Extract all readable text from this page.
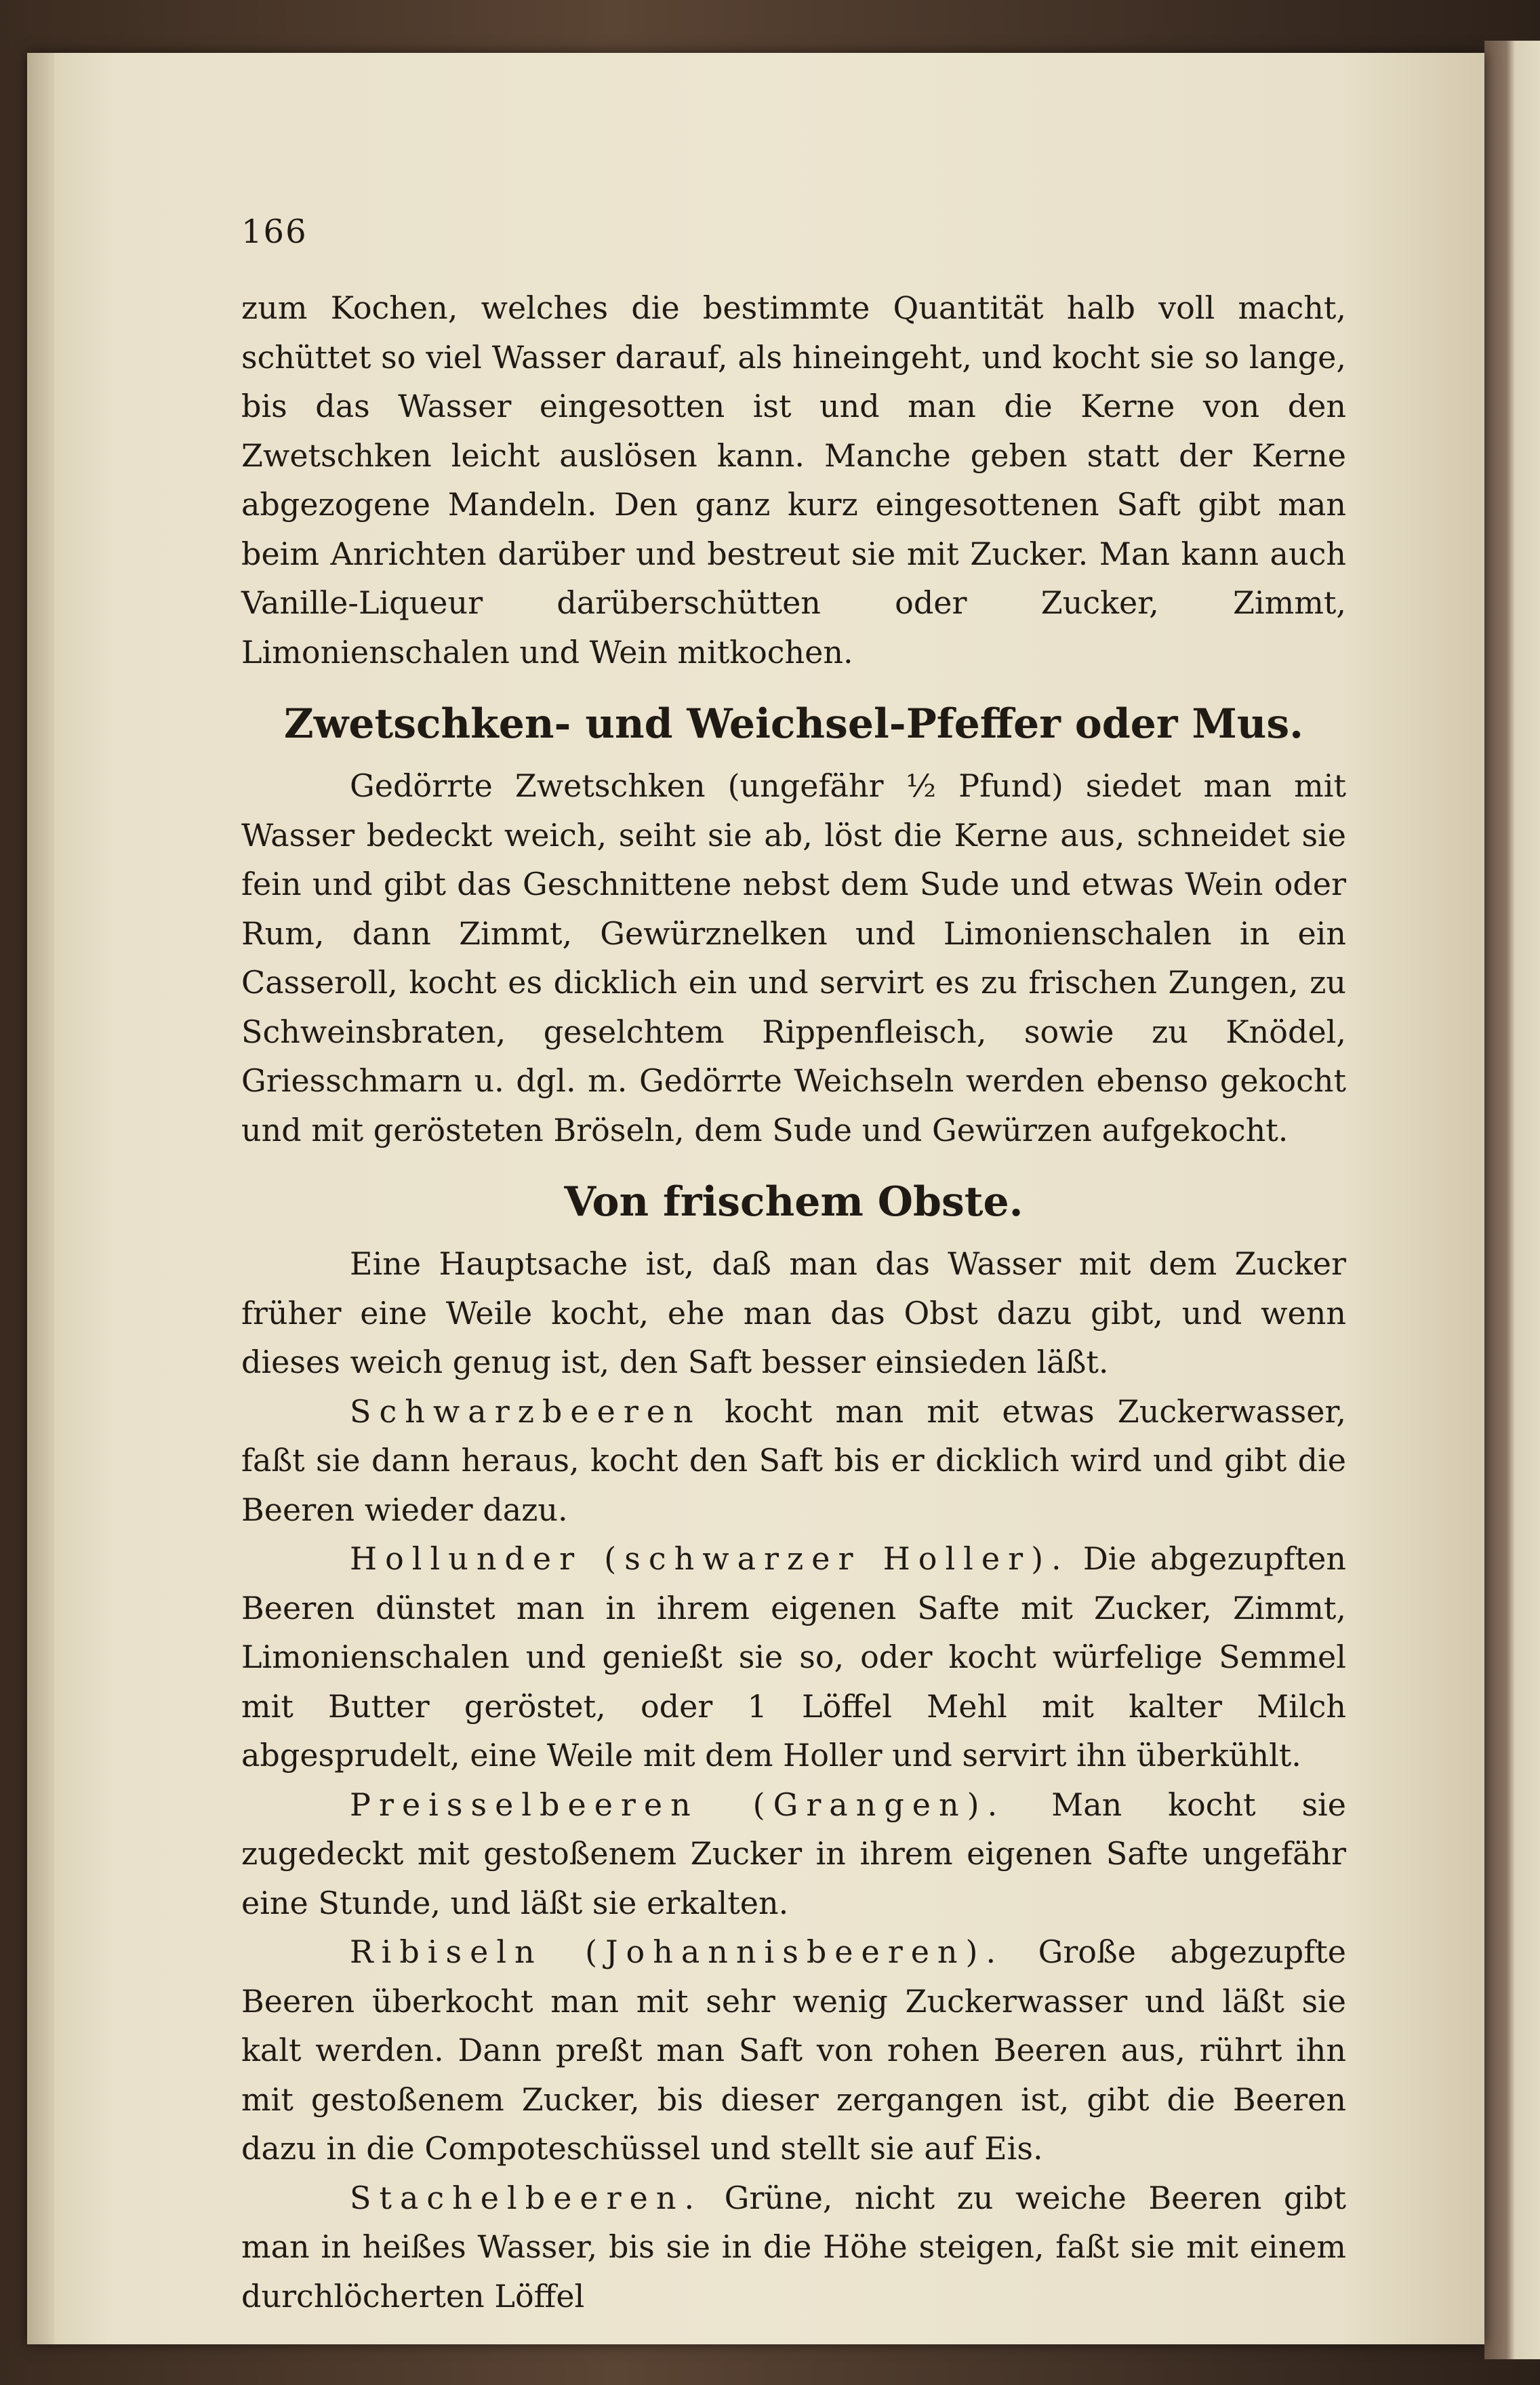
166

zum Kochen, welches die bestimmte Quantität halb voll macht, schüttet so viel Wasser darauf, als hineingeht, und kocht sie so lange, bis das Wasser eingesotten ist und man die Kerne von den Zwetschken leicht auslösen kann. Manche geben statt der Kerne abgezogene Mandeln. Den ganz kurz eingesottenen Saft gibt man beim Anrichten darüber und bestreut sie mit Zucker. Man kann auch Vanille-Liqueur darüberschütten oder Zucker, Zimmt, Limonienschalen und Wein mitkochen.

Zwetschken- und Weichsel-Pfeffer oder Mus.

Gedörrte Zwetschken (ungefähr ½ Pfund) siedet man mit Wasser bedeckt weich, seiht sie ab, löst die Kerne aus, schneidet sie fein und gibt das Geschnittene nebst dem Sude und etwas Wein oder Rum, dann Zimmt, Gewürznelken und Limonienschalen in ein Casseroll, kocht es dicklich ein und servirt es zu frischen Zungen, zu Schweinsbraten, geselchtem Rippenfleisch, sowie zu Knödel, Griesschmarn u. dgl. m. Gedörrte Weichseln werden ebenso gekocht und mit gerösteten Bröseln, dem Sude und Gewürzen aufgekocht.

Von frischem Obste.

Eine Hauptsache ist, daß man das Wasser mit dem Zucker früher eine Weile kocht, ehe man das Obst dazu gibt, und wenn dieses weich genug ist, den Saft besser einsieden läßt.

Schwarzbeeren kocht man mit etwas Zuckerwasser, faßt sie dann heraus, kocht den Saft bis er dicklich wird und gibt die Beeren wieder dazu.

Hollunder (schwarzer Holler). Die abgezupften Beeren dünstet man in ihrem eigenen Safte mit Zucker, Zimmt, Limonienschalen und genießt sie so, oder kocht würfelige Semmel mit Butter geröstet, oder 1 Löffel Mehl mit kalter Milch abgesprudelt, eine Weile mit dem Holler und servirt ihn überkühlt.

Preisselbeeren (Grangen). Man kocht sie zugedeckt mit gestoßenem Zucker in ihrem eigenen Safte ungefähr eine Stunde, und läßt sie erkalten.

Ribiseln (Johannisbeeren). Große abgezupfte Beeren überkocht man mit sehr wenig Zuckerwasser und läßt sie kalt werden. Dann preßt man Saft von rohen Beeren aus, rührt ihn mit gestoßenem Zucker, bis dieser zergangen ist, gibt die Beeren dazu in die Compoteschüssel und stellt sie auf Eis.

Stachelbeeren. Grüne, nicht zu weiche Beeren gibt man in heißes Wasser, bis sie in die Höhe steigen, faßt sie mit einem durchlöcherten Löffel
